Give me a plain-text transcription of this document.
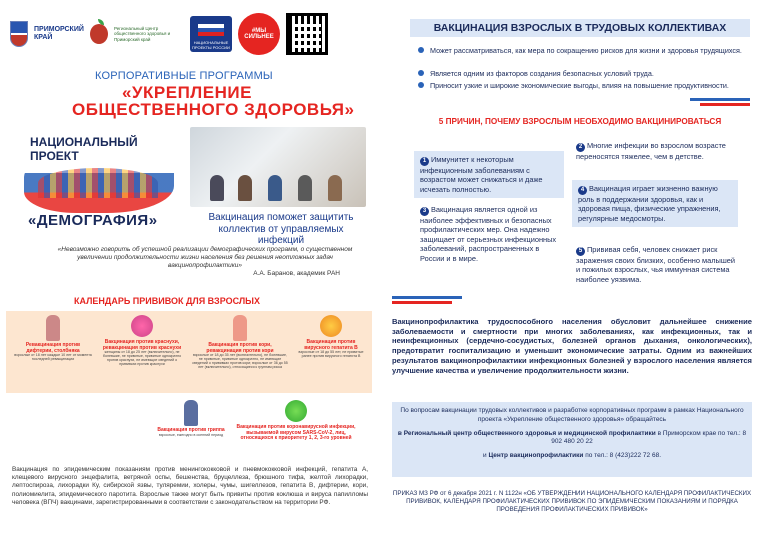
ПРИМОРСКИЙ КРАЙ
Региональный Центр общественного здоровья и Приморский край
НАЦИОНАЛЬНЫЕ ПРОЕКТЫ РОССИИ
#МЫ СИЛЬНЕЕ
КОРПОРАТИВНЫЕ ПРОГРАММЫ
«УКРЕПЛЕНИЕ
ОБЩЕСТВЕННОГО ЗДОРОВЬЯ»
НАЦИОНАЛЬНЫЙ ПРОЕКТ
«ДЕМОГРАФИЯ»	Вакцинация поможет защитить коллектив от управляемых инфекций
«Невозможно говорить об успешной реализации демографических программ, о существенном увеличении продолжительности жизни населения без решения неотложных задач вакцинопрофилактики»
А.А. Баранов, академик РАН
КАЛЕНДАРЬ ПРИВИВОК ДЛЯ ВЗРОСЛЫХ
Ревакцинация против дифтерии, столбняка
взрослые от 18 лет каждые 10 лет от момента последней ревакцинации
Вакцинация против краснухи, ревакцинация против краснухи
женщины от 18 до 25 лет (включительно), не болевшие, не привитые, привитые однократно против краснухи, не имеющие сведений о прививках против краснухи
Вакцинация против кори, ревакцинация против кори
взрослые от 18 до 35 лет (включительно), не болевшие, не привитые, привитые однократно, не имеющие сведений о прививках против кори; взрослые от 36 до 55 лет (включительно), относящиеся к группам риска
Вакцинация против вирусного гепатита B
взрослые от 18 до 55 лет, не привитые ранее против вирусного гепатита B
Вакцинация против гриппа
взрослые, ежегодно в осенний период
Вакцинация против коронавирусной инфекции, вызываемой вирусом SARS-CoV-2, лиц, относящихся к приоритету 1, 2, 3-го уровней
Вакцинация по эпидемическим показаниям против менингококковой и пневмококковой инфекций, гепатита А, клещевого вирусного энцефалита, ветряной оспы, бешенства, бруцеллеза, брюшного тифа, желтой лихорадки, лептоспироза, лихорадки Ку, сибирской язвы, туляремии, холеры, чумы, шигеллезов, гепатита В, дифтерии, кори, полиомиелита, эпидемического паротита. Взрослые также могут быть привиты против коклюша и вируса папилломы человека (ВПЧ) вакцинами, зарегистрированными в соответствии с законодательством на территории РФ.
ВАКЦИНАЦИЯ ВЗРОСЛЫХ В ТРУДОВЫХ КОЛЛЕКТИВАХ
Может рассматриваться, как мера по сокращению рисков для жизни и здоровья трудящихся.
Является одним из факторов создания безопасных условий труда.
Приносит узкие и широкие экономические выгоды, влияя на повышение продуктивности.
5 ПРИЧИН, ПОЧЕМУ ВЗРОСЛЫМ НЕОБХОДИМО ВАКЦИНИРОВАТЬСЯ
1 Иммунитет к некоторым инфекционным заболеваниям с возрастом может снижаться и даже исчезать полностью.
2 Многие инфекции во взрослом возрасте переносятся тяжелее, чем в детстве.
3 Вакцинация является одной из наиболее эффективных и безопасных профилактических мер. Она надежно защищает от серьезных инфекционных заболеваний, распространенных в России и в мире.
4 Вакцинация играет жизненно важную роль в поддержании здоровья, как и здоровая пища, физические упражнения, регулярные медосмотры.
5 Прививая себя, человек снижает риск заражения своих близких, особенно малышей и пожилых взрослых, чья иммунная система наиболее уязвима.
Вакцинопрофилактика трудоспособного населения обусловит дальнейшее снижение заболеваемости и смертности при многих заболеваниях, как инфекционных, так и неинфекционных (сердечно-сосудистых, болезней органов дыхания, онкологических), предотвратит госпитализацию и уменьшит экономические затраты. Одним из важнейших результатов вакцинопрофилактики инфекционных болезней у взрослого населения является улучшение качества и увеличение продолжительности жизни.
По вопросам вакцинации трудовых коллективов и разработке корпоративных программ в рамках Национального проекта «Укрепление общественного здоровья» обращайтесь
в Региональный центр общественного здоровья и медицинской профилактики в Приморском крае по тел.: 8 902 480 20 22
и Центр вакцинопрофилактики по тел.: 8 (423)222 72 68.
ПРИКАЗ МЗ РФ от 6 декабря 2021 г. N 1122н «ОБ УТВЕРЖДЕНИИ НАЦИОНАЛЬНОГО КАЛЕНДАРЯ ПРОФИЛАКТИЧЕСКИХ ПРИВИВОК, КАЛЕНДАРЯ ПРОФИЛАКТИЧЕСКИХ ПРИВИВОК ПО ЭПИДЕМИЧЕСКИМ ПОКАЗАНИЯМ И ПОРЯДКА ПРОВЕДЕНИЯ ПРОФИЛАКТИЧЕСКИХ ПРИВИВОК»
